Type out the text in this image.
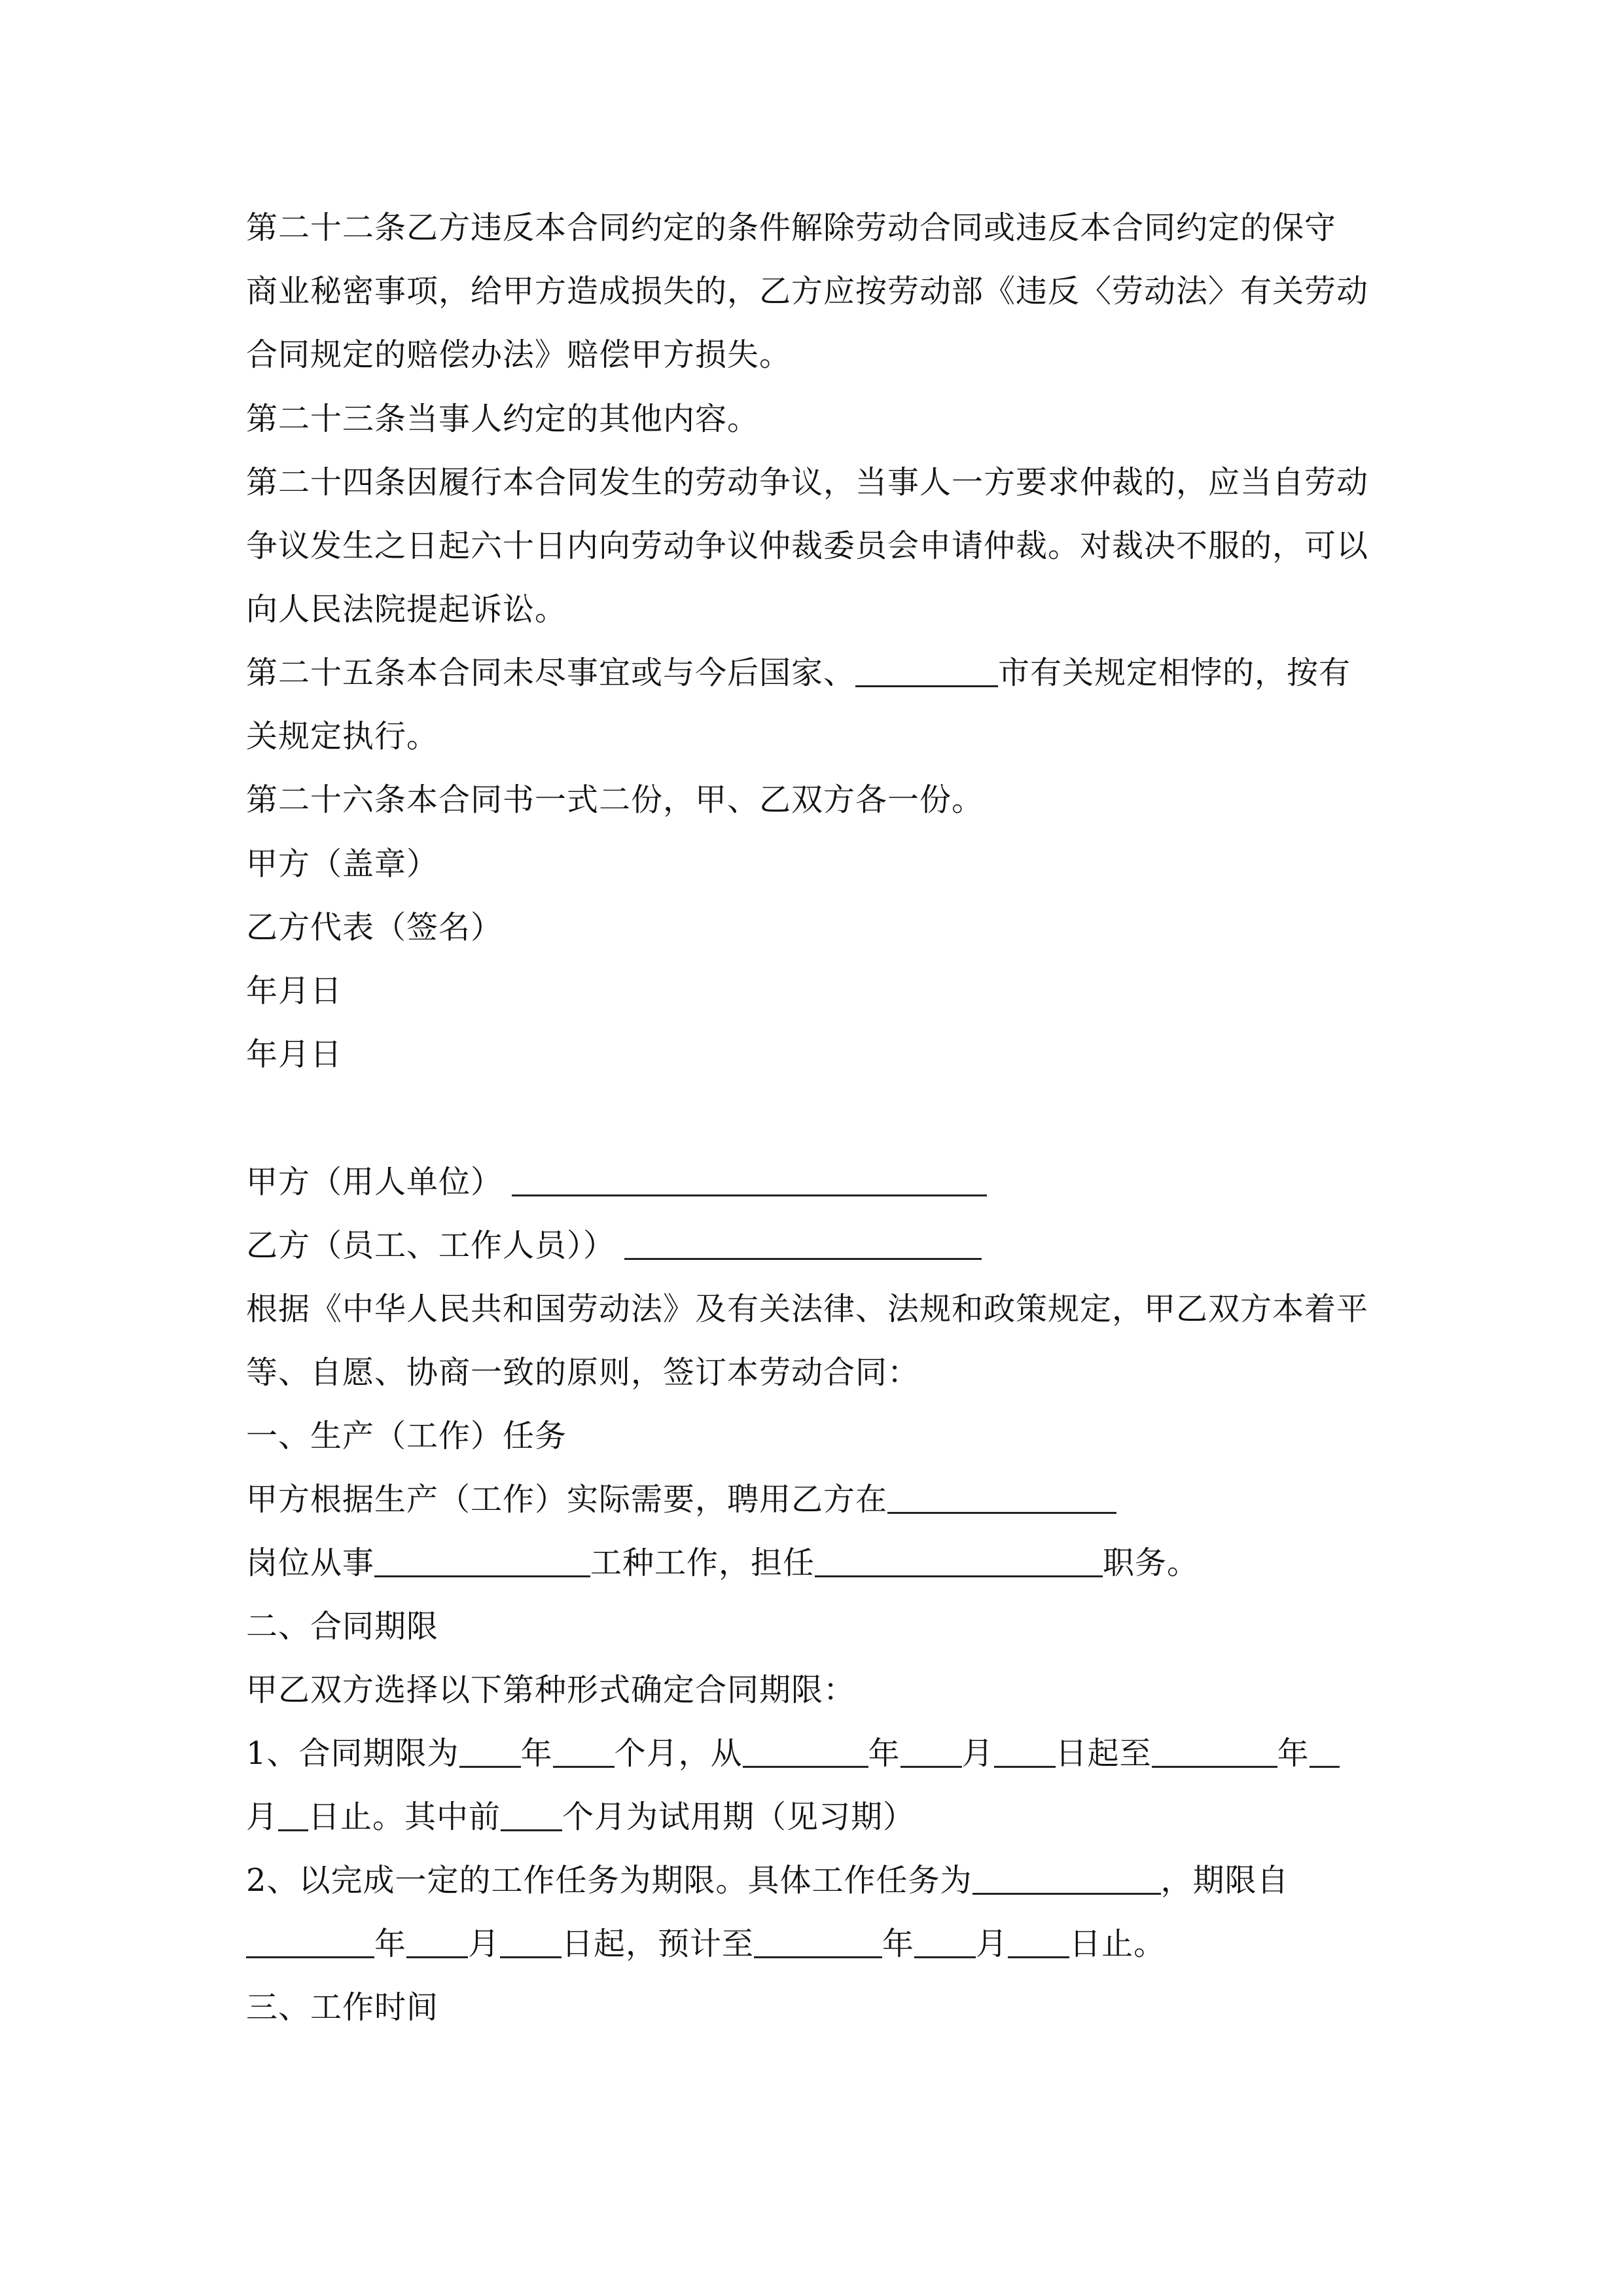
第二十二条乙方违反本合同约定的条件解除劳动合同或违反本合同约定的保守
商业秘密事项，给甲方造成损失的，乙方应按劳动部《违反〈劳动法〉有关劳动
合同规定的赔偿办法》赔偿甲方损失。
第二十三条当事人约定的其他内容。
第二十四条因履行本合同发生的劳动争议，当事人一方要求仲裁的，应当自劳动
争议发生之日起六十日内向劳动争议仲裁委员会申请仲裁。对裁决不服的，可以
向人民法院提起诉讼。
第二十五条本合同未尽事宜或与今后国家、	市有关规定相悖的，按有
关规定执行。
第二十六条本合同书一式二份，甲、乙双方各一份。
甲方（盖章）
乙方代表（签名）
年月日
年月日
甲方（用人单位）
乙方（员工、工作人员））
根据《中华人民共和国劳动法》及有关法律、法规和政策规定，甲乙双方本着平
等、自愿、协商一致的原则，签订本劳动合同：
一、生产（工作）任务
甲方根据生产（工作）实际需要，聘用乙方在
岗位从事	工种工作，担任	职务。
二、合同期限
甲乙双方选择以下第种形式确定合同期限：
1、合同期限为 年 个月，从	年 月 日起至	年
月 日止。其中前 个月为试用期（见习期）
2、以完成一定的工作任务为期限。具体工作任务为	，期限自
年 月 日起，预计至	年 月 日止。
三、工作时间
